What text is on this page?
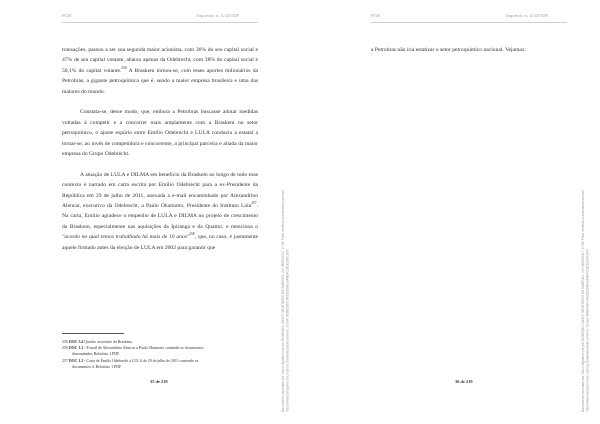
PGR	Inquérito n. 4.325/DF

transações, passou a ser sua segunda maior acionista, com 36% do seu capital social e 47% de seu capital votante, abaixo apenas da Odebrecht, com 38% do capital social e 50,1% do capital votante.$^{256}$ A Braskem tornou-se, com esses aportes milionários da Petrobras, a gigante petroquímica que é, sendo a maior empresa brasileira e uma das maiores do mundo.

Constata-se, desse modo, que, embora a Petrobras buscasse adotar medidas voltadas à competir e a concorrer mais amplamente com a Braskem no setor petroquímico, o ajuste espúrio entre Emílio Odebrecht e LULA conduziu a estatal a tornar-se, ao invés de competidora e concorrente, a principal parceira e aliada da maior empresa do Grupo Odebrecht.

A atuação de LULA e DILMA em benefício da Braskem ao longo de todo esse contexto é narrado em carta escrita por Emílio Odebrecht para a ex-Presidente da República em 29 de julho de 2011, anexada a e-mail encaminhado por Alexandrino Alencar, executivo da Odebrecht, a Paulo Okamotto, Presidente do Instituto Lula$^{257}$. Na carta, Emílio agradece o empenho de LULA e DILMA no projeto de crescimento da Braskem, especialmente nas aquisições da Ipiranga e da Quattor, e menciona o "acordo no qual temos trabalhado há mais de 10 anos"$^{258}$, que, no caso, é justamente aquele firmado antes da eleição de LULA em 2002 para garantir que

256 DOC 5.4 Quadro societário da Braskem.
256 DOC 1.2 - E-mail de Alexandrino Alencar a Paulo Okamotto contendo os documentos
denominados Relatório 1.PDF.
257 DOC 1.2 - Carta de Emílio Odebrecht a LULA de 29 de julho de 2011 contendo os
documentos 4. Relatório 1.PDF
35 de 219	Documento assinado via Token digitalmente por RODRIGO JANOT MONTEIRO DE BARROS, em 06/09/2017 17:59. Para verificar a assinatura acesse http://www.transparencia.mpf.mp.br/validacaodocumento. Chave 0D8E09F2.A6CB30AE.8A9B4C3D.E28F1A90
PGR	Inquérito n. 4.325/DF
a Petrobras não iria estatizar o setor petroquímico nacional. Vejamos:
36 de 219	Documento assinado via Token digitalmente por RODRIGO JANOT MONTEIRO DE BARROS, em 06/09/2017 17:59. Para verificar a assinatura acesse http://www.transparencia.mpf.mp.br/validacaodocumento. Chave 0D8E09F2.A6CB30AE.8A9B4C3D.E28F1A90
